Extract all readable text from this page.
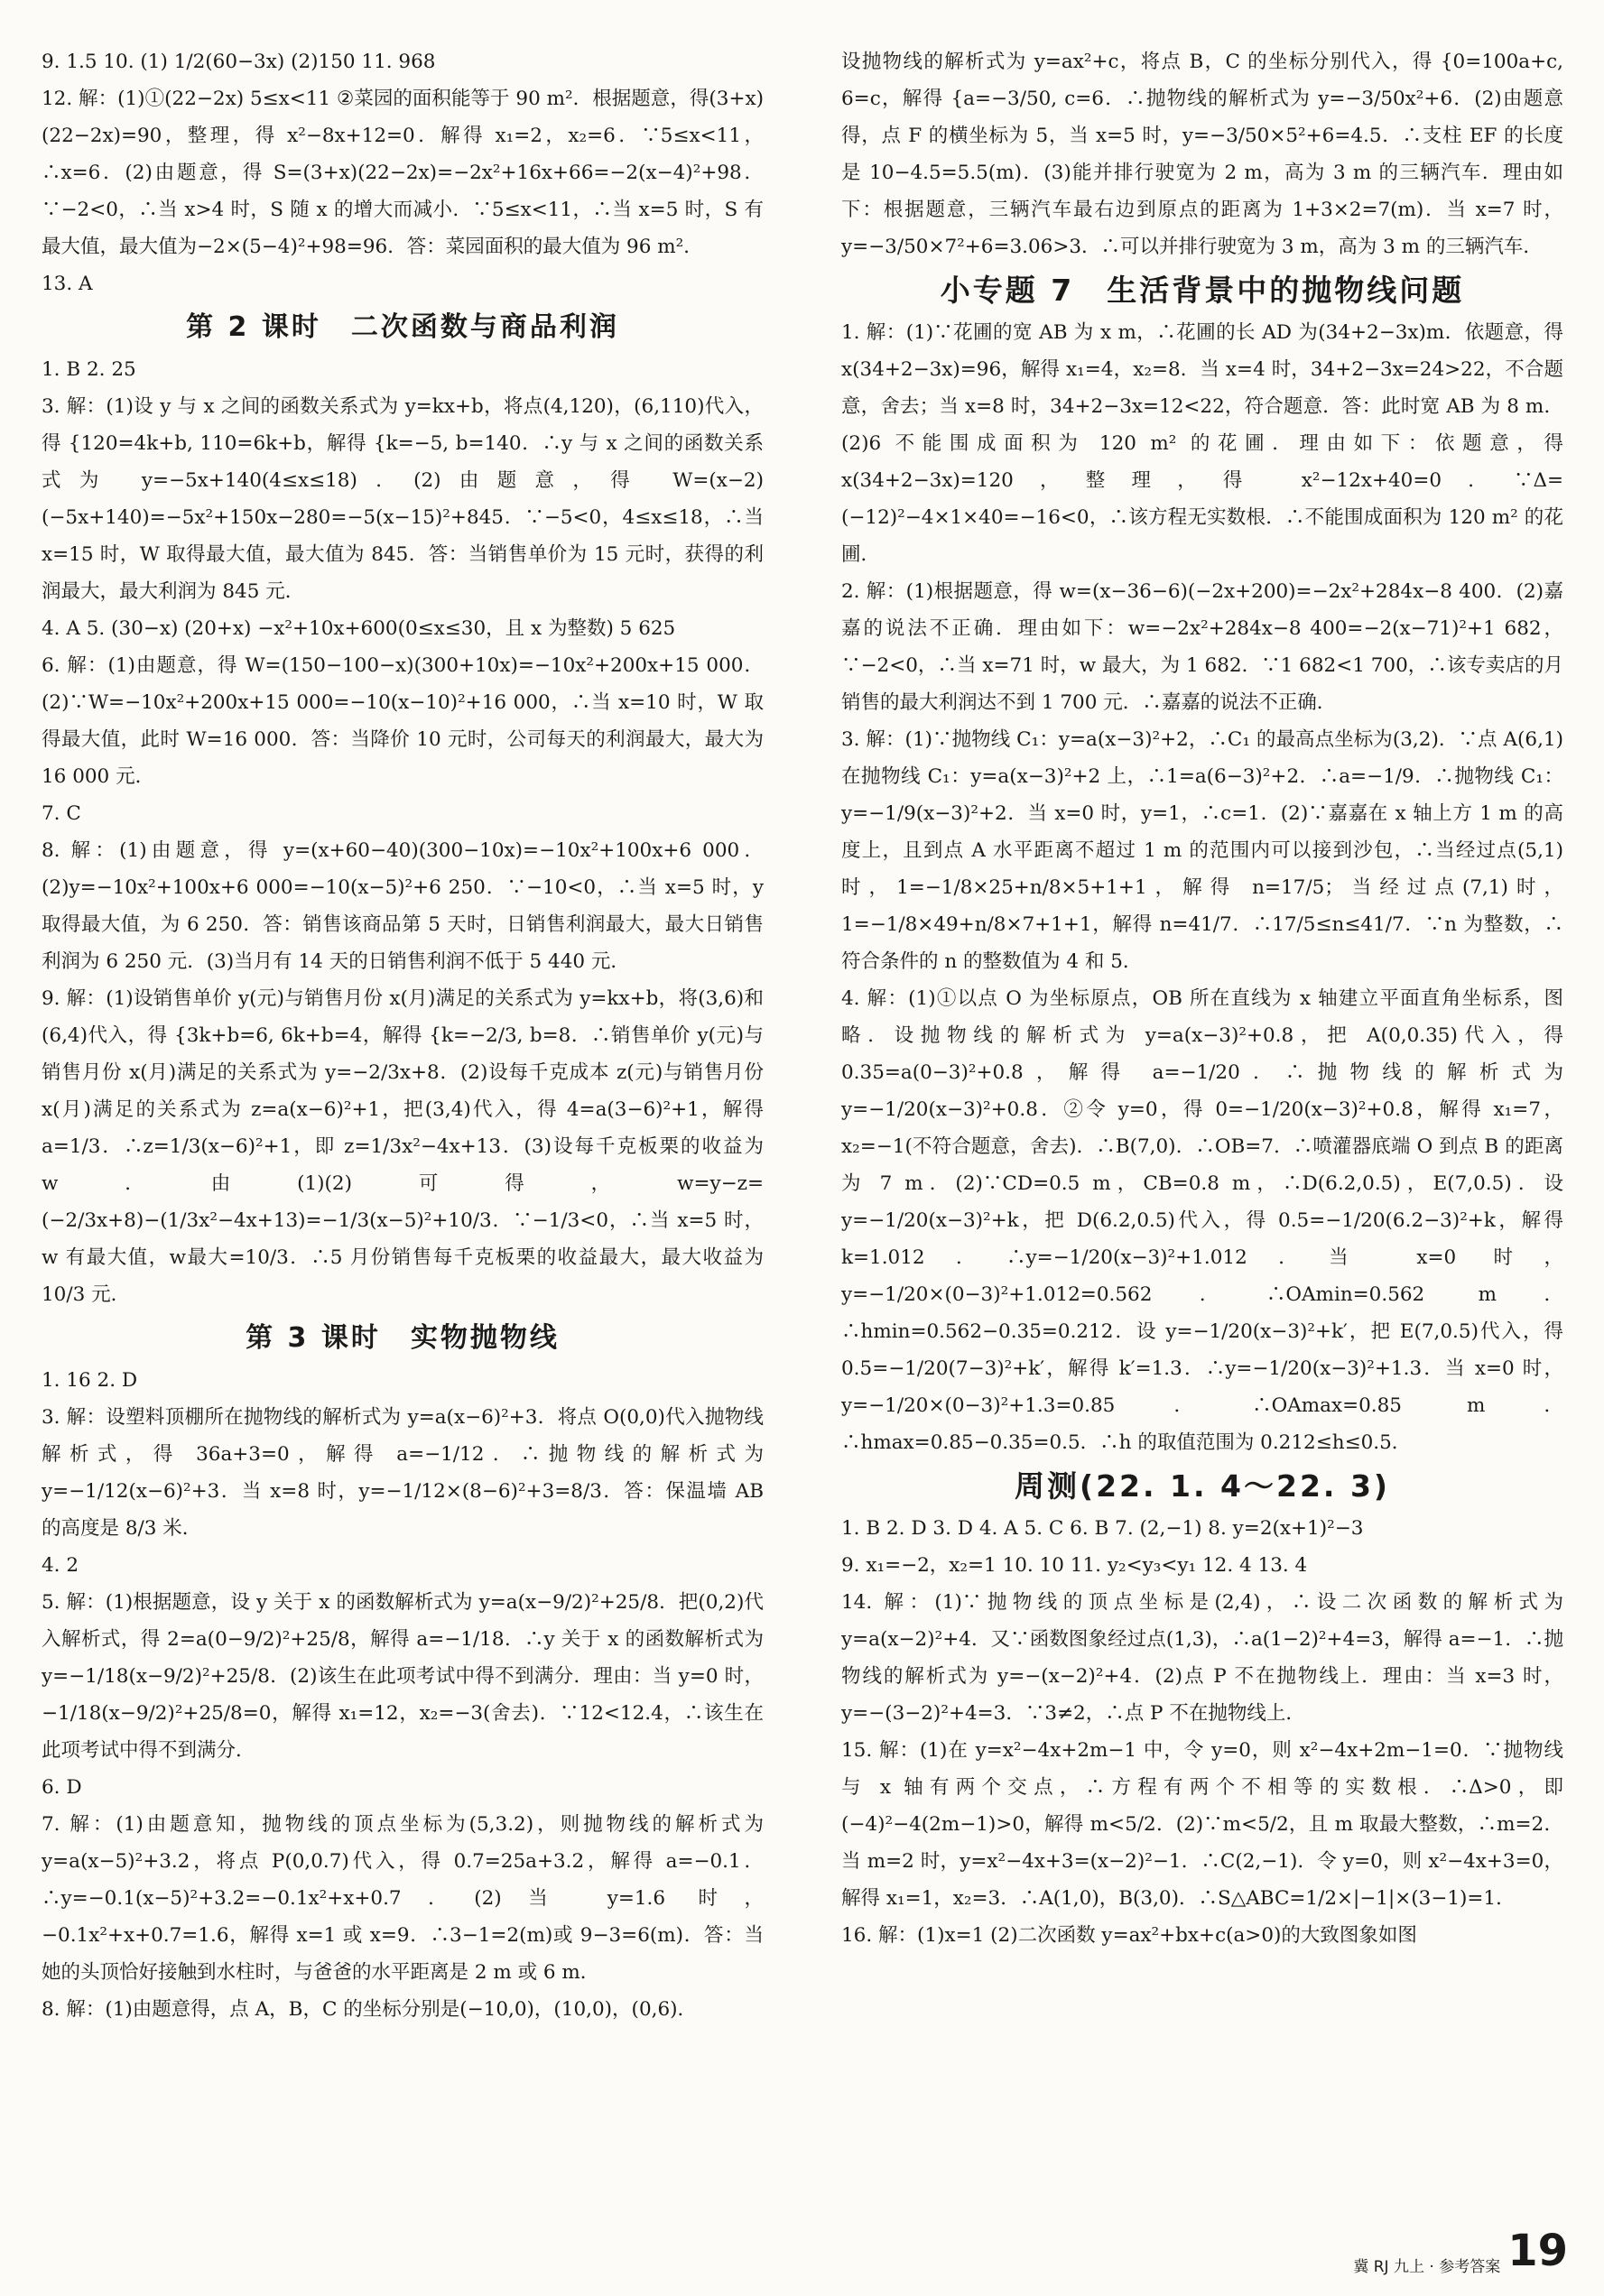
9. 1.5 10. (1) 1/2(60−3x) (2)150 11. 968
12. 解：(1)①(22−2x) 5≤x<11 ②菜园的面积能等于 90 m²．根据题意，得(3+x)(22−2x)=90，整理，得 x²−8x+12=0．解得 x₁=2，x₂=6．∵5≤x<11，∴x=6．(2)由题意，得 S=(3+x)(22−2x)=−2x²+16x+66=−2(x−4)²+98．∵−2<0，∴当 x>4 时，S 随 x 的增大而减小．∵5≤x<11，∴当 x=5 时，S 有最大值，最大值为−2×(5−4)²+98=96．答：菜园面积的最大值为 96 m²．
13. A
第 2 课时　二次函数与商品利润
1. B 2. 25
3. 解：(1)设 y 与 x 之间的函数关系式为 y=kx+b，将点(4,120)，(6,110)代入，得 {120=4k+b, 110=6k+b，解得 {k=−5, b=140．∴y 与 x 之间的函数关系式为 y=−5x+140(4≤x≤18)．(2)由题意，得 W=(x−2)(−5x+140)=−5x²+150x−280=−5(x−15)²+845．∵−5<0，4≤x≤18，∴当 x=15 时，W 取得最大值，最大值为 845．答：当销售单价为 15 元时，获得的利润最大，最大利润为 845 元．
4. A 5. (30−x) (20+x) −x²+10x+600(0≤x≤30，且 x 为整数) 5 625
6. 解：(1)由题意，得 W=(150−100−x)(300+10x)=−10x²+200x+15 000．(2)∵W=−10x²+200x+15 000=−10(x−10)²+16 000，∴当 x=10 时，W 取得最大值，此时 W=16 000．答：当降价 10 元时，公司每天的利润最大，最大为 16 000 元．
7. C
8. 解：(1)由题意，得 y=(x+60−40)(300−10x)=−10x²+100x+6 000．(2)y=−10x²+100x+6 000=−10(x−5)²+6 250．∵−10<0，∴当 x=5 时，y 取得最大值，为 6 250．答：销售该商品第 5 天时，日销售利润最大，最大日销售利润为 6 250 元．(3)当月有 14 天的日销售利润不低于 5 440 元．
9. 解：(1)设销售单价 y(元)与销售月份 x(月)满足的关系式为 y=kx+b，将(3,6)和(6,4)代入，得 {3k+b=6, 6k+b=4，解得 {k=−2/3, b=8．∴销售单价 y(元)与销售月份 x(月)满足的关系式为 y=−2/3x+8．(2)设每千克成本 z(元)与销售月份 x(月)满足的关系式为 z=a(x−6)²+1，把(3,4)代入，得 4=a(3−6)²+1，解得 a=1/3．∴z=1/3(x−6)²+1，即 z=1/3x²−4x+13．(3)设每千克板栗的收益为 w．由(1)(2)可得，w=y−z=(−2/3x+8)−(1/3x²−4x+13)=−1/3(x−5)²+10/3．∵−1/3<0，∴当 x=5 时，w 有最大值，w最大=10/3．∴5 月份销售每千克板栗的收益最大，最大收益为 10/3 元．
第 3 课时　实物抛物线
1. 16 2. D
3. 解：设塑料顶棚所在抛物线的解析式为 y=a(x−6)²+3．将点 O(0,0)代入抛物线解析式，得 36a+3=0，解得 a=−1/12．∴抛物线的解析式为 y=−1/12(x−6)²+3．当 x=8 时，y=−1/12×(8−6)²+3=8/3．答：保温墙 AB 的高度是 8/3 米．
4. 2
5. 解：(1)根据题意，设 y 关于 x 的函数解析式为 y=a(x−9/2)²+25/8．把(0,2)代入解析式，得 2=a(0−9/2)²+25/8，解得 a=−1/18．∴y 关于 x 的函数解析式为 y=−1/18(x−9/2)²+25/8．(2)该生在此项考试中得不到满分．理由：当 y=0 时，−1/18(x−9/2)²+25/8=0，解得 x₁=12，x₂=−3(舍去)．∵12<12.4，∴该生在此项考试中得不到满分．
6. D
7. 解：(1)由题意知，抛物线的顶点坐标为(5,3.2)，则抛物线的解析式为 y=a(x−5)²+3.2，将点 P(0,0.7)代入，得 0.7=25a+3.2，解得 a=−0.1．∴y=−0.1(x−5)²+3.2=−0.1x²+x+0.7．(2)当 y=1.6 时，−0.1x²+x+0.7=1.6，解得 x=1 或 x=9．∴3−1=2(m)或 9−3=6(m)．答：当她的头顶恰好接触到水柱时，与爸爸的水平距离是 2 m 或 6 m．
8. 解：(1)由题意得，点 A，B，C 的坐标分别是(−10,0)，(10,0)，(0,6)．
设抛物线的解析式为 y=ax²+c，将点 B，C 的坐标分别代入，得 {0=100a+c, 6=c，解得 {a=−3/50, c=6．∴抛物线的解析式为 y=−3/50x²+6．(2)由题意得，点 F 的横坐标为 5，当 x=5 时，y=−3/50×5²+6=4.5．∴支柱 EF 的长度是 10−4.5=5.5(m)．(3)能并排行驶宽为 2 m，高为 3 m 的三辆汽车．理由如下：根据题意，三辆汽车最右边到原点的距离为 1+3×2=7(m)．当 x=7 时，y=−3/50×7²+6=3.06>3．∴可以并排行驶宽为 3 m，高为 3 m 的三辆汽车．
小专题 7　生活背景中的抛物线问题
1. 解：(1)∵花圃的宽 AB 为 x m，∴花圃的长 AD 为(34+2−3x)m．依题意，得 x(34+2−3x)=96，解得 x₁=4，x₂=8．当 x=4 时，34+2−3x=24>22，不合题意，舍去；当 x=8 时，34+2−3x=12<22，符合题意．答：此时宽 AB 为 8 m．(2)6 不能围成面积为 120 m² 的花圃．理由如下：依题意，得 x(34+2−3x)=120，整理，得 x²−12x+40=0．∵Δ=(−12)²−4×1×40=−16<0，∴该方程无实数根．∴不能围成面积为 120 m² 的花圃．
2. 解：(1)根据题意，得 w=(x−36−6)(−2x+200)=−2x²+284x−8 400．(2)嘉嘉的说法不正确．理由如下：w=−2x²+284x−8 400=−2(x−71)²+1 682，∵−2<0，∴当 x=71 时，w 最大，为 1 682．∵1 682<1 700，∴该专卖店的月销售的最大利润达不到 1 700 元．∴嘉嘉的说法不正确．
3. 解：(1)∵抛物线 C₁：y=a(x−3)²+2，∴C₁ 的最高点坐标为(3,2)．∵点 A(6,1)在抛物线 C₁：y=a(x−3)²+2 上，∴1=a(6−3)²+2．∴a=−1/9．∴抛物线 C₁：y=−1/9(x−3)²+2．当 x=0 时，y=1，∴c=1．(2)∵嘉嘉在 x 轴上方 1 m 的高度上，且到点 A 水平距离不超过 1 m 的范围内可以接到沙包，∴当经过点(5,1)时，1=−1/8×25+n/8×5+1+1，解得 n=17/5；当经过点(7,1)时，1=−1/8×49+n/8×7+1+1，解得 n=41/7．∴17/5≤n≤41/7．∵n 为整数，∴符合条件的 n 的整数值为 4 和 5．
4. 解：(1)①以点 O 为坐标原点，OB 所在直线为 x 轴建立平面直角坐标系，图略．设抛物线的解析式为 y=a(x−3)²+0.8，把 A(0,0.35)代入，得 0.35=a(0−3)²+0.8，解得 a=−1/20．∴抛物线的解析式为 y=−1/20(x−3)²+0.8．②令 y=0，得 0=−1/20(x−3)²+0.8，解得 x₁=7，x₂=−1(不符合题意，舍去)．∴B(7,0)．∴OB=7．∴喷灌器底端 O 到点 B 的距离为 7 m．(2)∵CD=0.5 m，CB=0.8 m，∴D(6.2,0.5)，E(7,0.5)．设 y=−1/20(x−3)²+k，把 D(6.2,0.5)代入，得 0.5=−1/20(6.2−3)²+k，解得 k=1.012．∴y=−1/20(x−3)²+1.012．当 x=0 时，y=−1/20×(0−3)²+1.012=0.562．∴OAmin=0.562 m．∴hmin=0.562−0.35=0.212．设 y=−1/20(x−3)²+k′，把 E(7,0.5)代入，得 0.5=−1/20(7−3)²+k′，解得 k′=1.3．∴y=−1/20(x−3)²+1.3．当 x=0 时，y=−1/20×(0−3)²+1.3=0.85．∴OAmax=0.85 m．∴hmax=0.85−0.35=0.5．∴h 的取值范围为 0.212≤h≤0.5．
周测(22. 1. 4～22. 3)
1. B 2. D 3. D 4. A 5. C 6. B 7. (2,−1) 8. y=2(x+1)²−3
9. x₁=−2，x₂=1 10. 10 11. y₂<y₃<y₁ 12. 4 13. 4
14. 解：(1)∵抛物线的顶点坐标是(2,4)，∴设二次函数的解析式为 y=a(x−2)²+4．又∵函数图象经过点(1,3)，∴a(1−2)²+4=3，解得 a=−1．∴抛物线的解析式为 y=−(x−2)²+4．(2)点 P 不在抛物线上．理由：当 x=3 时，y=−(3−2)²+4=3．∵3≠2，∴点 P 不在抛物线上．
15. 解：(1)在 y=x²−4x+2m−1 中，令 y=0，则 x²−4x+2m−1=0．∵抛物线与 x 轴有两个交点，∴方程有两个不相等的实数根．∴Δ>0，即(−4)²−4(2m−1)>0，解得 m<5/2．(2)∵m<5/2，且 m 取最大整数，∴m=2．当 m=2 时，y=x²−4x+3=(x−2)²−1．∴C(2,−1)．令 y=0，则 x²−4x+3=0，解得 x₁=1，x₂=3．∴A(1,0)，B(3,0)．∴S△ABC=1/2×|−1|×(3−1)=1．
16. 解：(1)x=1 (2)二次函数 y=ax²+bx+c(a>0)的大致图象如图
冀 RJ 九上 · 参考答案 19
